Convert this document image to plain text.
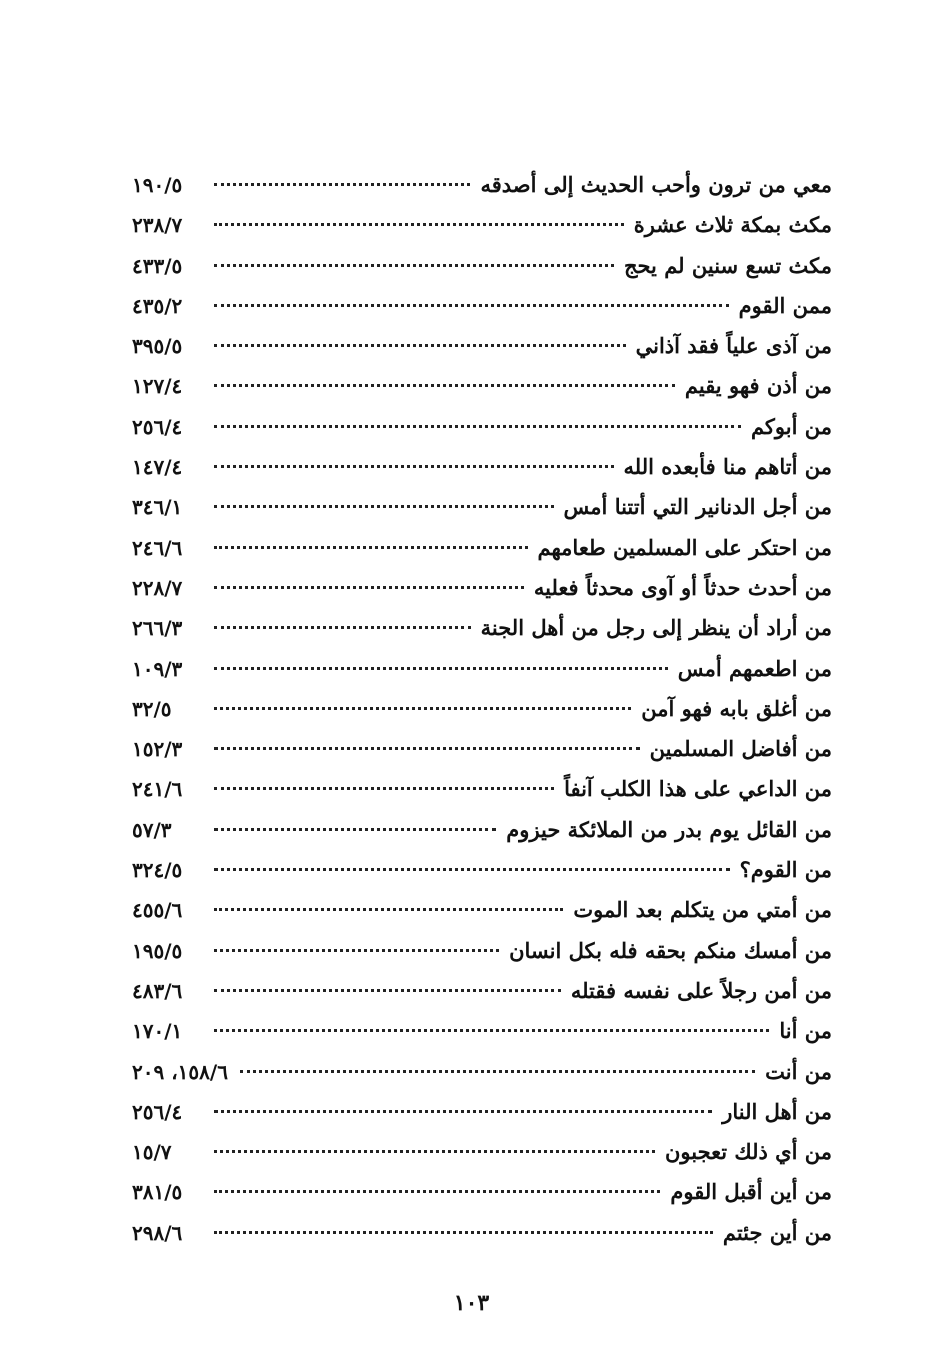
معي من ترون وأحب الحديث إلى أصدقه
١٩٠/٥
مكث بمكة ثلاث عشرة
٢٣٨/٧
مكث تسع سنين لم يحج
٤٣٣/٥
ممن القوم
٤٣٥/٢
من آذى علياً فقد آذاني
٣٩٥/٥
من أذن فهو يقيم
١٢٧/٤
من أبوكم
٢٥٦/٤
من أتاهم منا فأبعده الله
١٤٧/٤
من أجل الدنانير التي أتتنا أمس
٣٤٦/١
من احتكر على المسلمين طعامهم
٢٤٦/٦
من أحدث حدثاً أو آوى محدثاً فعليه
٢٢٨/٧
من أراد أن ينظر إلى رجل من أهل الجنة
٢٦٦/٣
من اطعمهم أمس
١٠٩/٣
من أغلق بابه فهو آمن
٣٢/٥
من أفاضل المسلمين
١٥٢/٣
من الداعي على هذا الكلب آنفاً
٢٤١/٦
من القائل يوم بدر من الملائكة حيزوم
٥٧/٣
من القوم؟
٣٢٤/٥
من أمتي من يتكلم بعد الموت
٤٥٥/٦
من أمسك منكم بحقه فله بكل انسان
١٩٥/٥
من أمن رجلاً على نفسه فقتله
٤٨٣/٦
من أنا
١٧٠/١
من أنت
١٥٨/٦، ٢٠٩
من أهل النار
٢٥٦/٤
من أي ذلك تعجبون
١٥/٧
من أين أقبل القوم
٣٨١/٥
من أين جئتم
٢٩٨/٦
١٠٣
